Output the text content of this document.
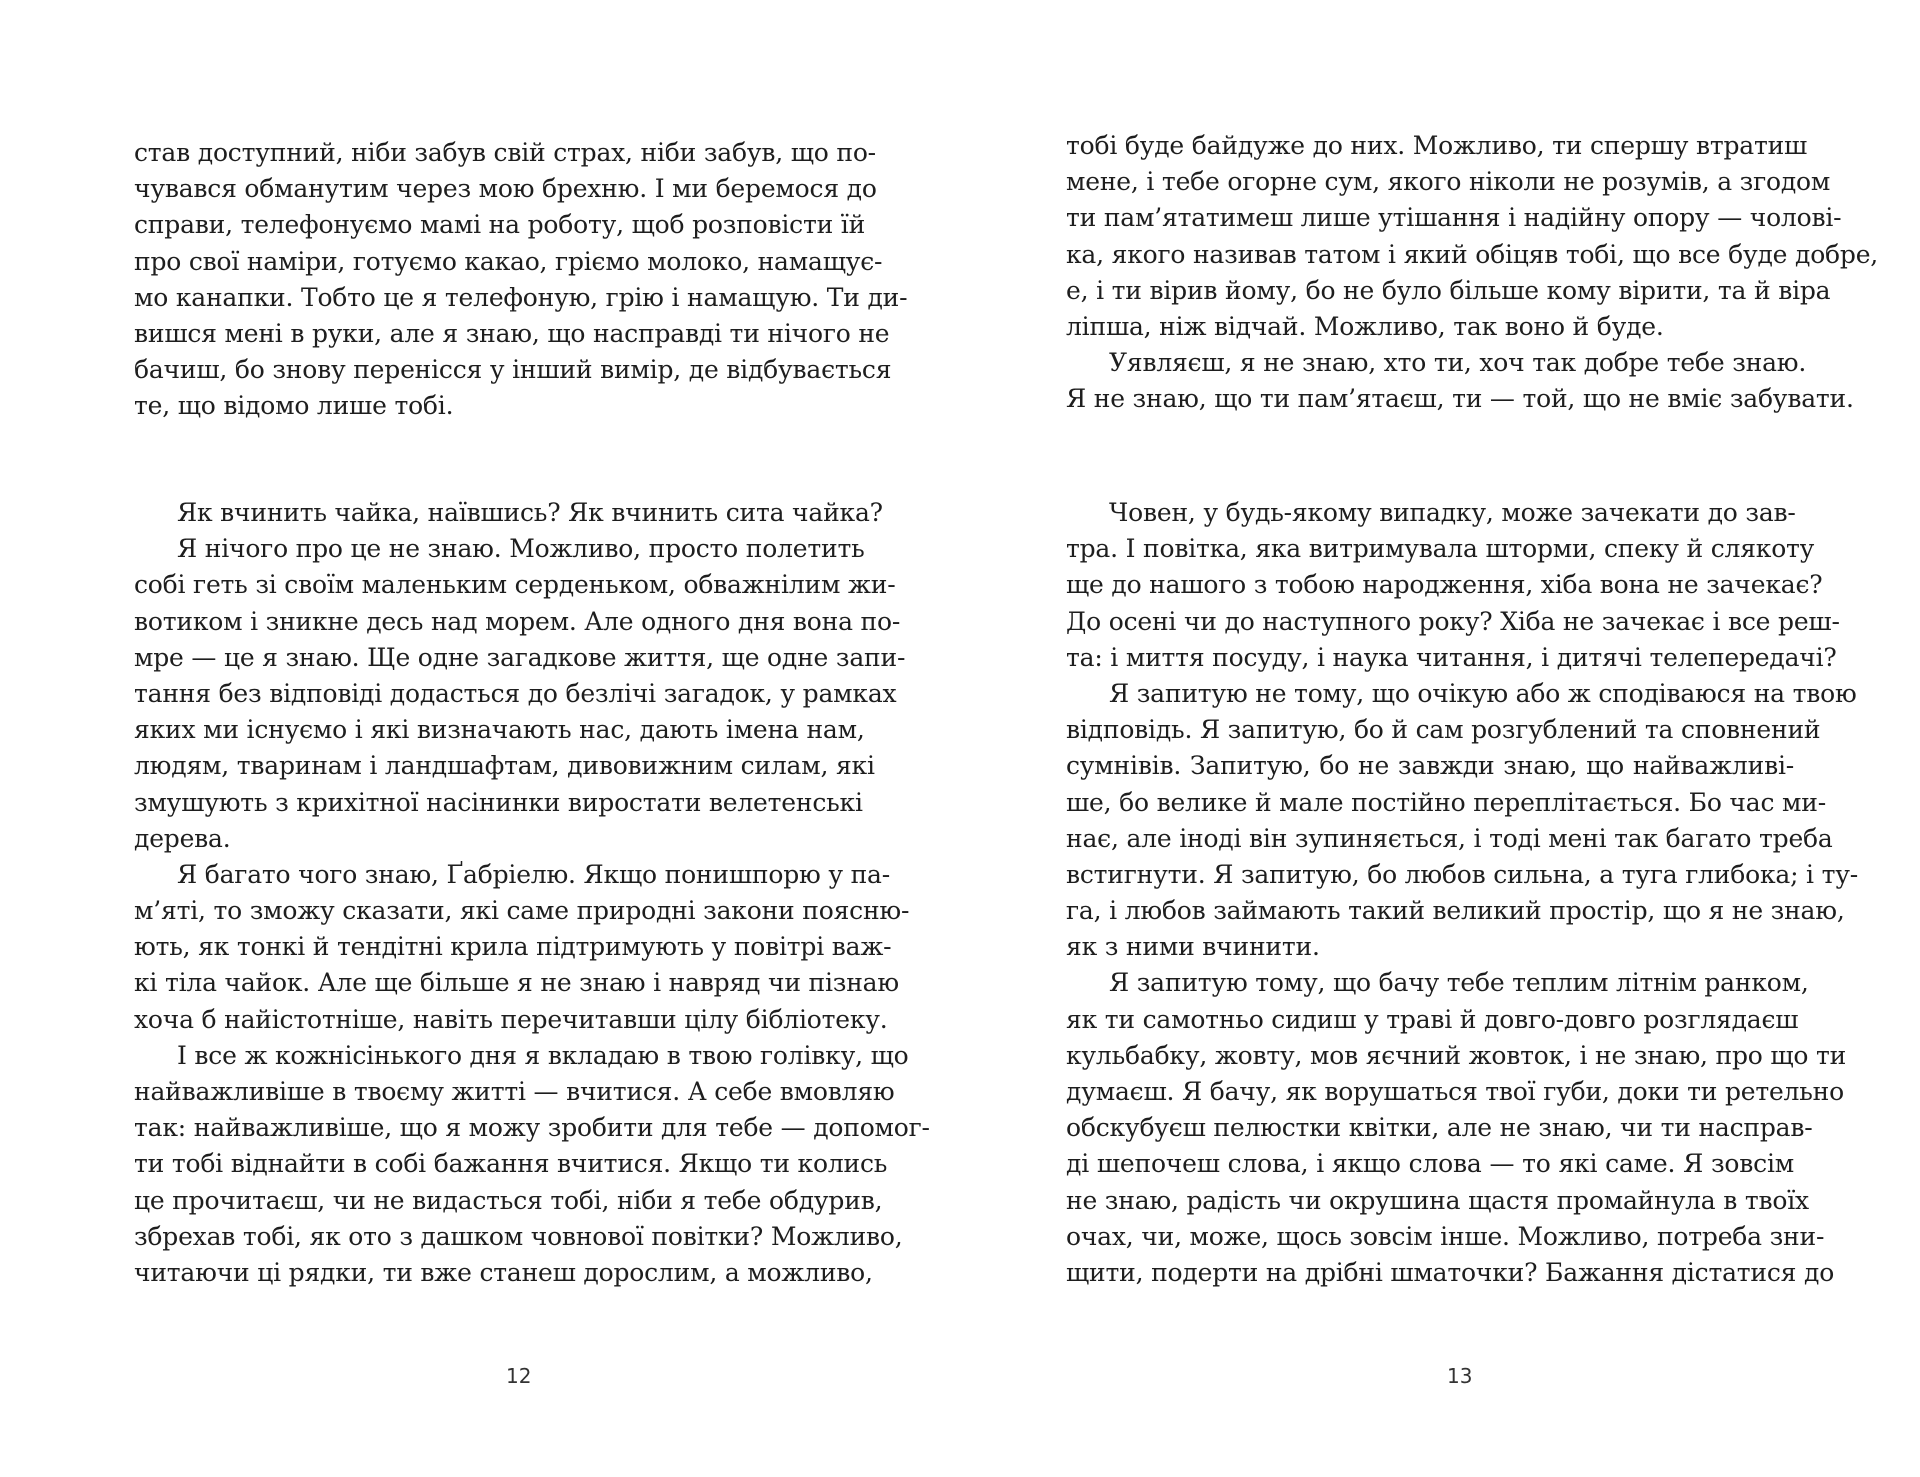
став доступний, ніби забув свій страх, ніби забув, що по-
чувався обманутим через мою брехню. І ми беремося до
справи, телефонуємо мамі на роботу, щоб розповісти їй
про свої наміри, готуємо какао, гріємо молоко, намащує-
мо канапки. Тобто це я телефоную, грію і намащую. Ти ди-
вишся мені в руки, але я знаю, що насправді ти нічого не
бачиш, бо знову перенісся у інший вимір, де відбувається
те, що відомо лише тобі.
Як вчинить чайка, наївшись? Як вчинить сита чайка?
Я нічого про це не знаю. Можливо, просто полетить
собі геть зі своїм маленьким серденьком, обважнілим жи-
вотиком і зникне десь над морем. Але одного дня вона по-
мре — це я знаю. Ще одне загадкове життя, ще одне запи-
тання без відповіді додасться до безлічі загадок, у рамках
яких ми існуємо і які визначають нас, дають імена нам,
людям, тваринам і ландшафтам, дивовижним силам, які
змушують з крихітної насінинки виростати велетенські
дерева.
Я багато чого знаю, Ґабріелю. Якщо понишпорю у па-
м’яті, то зможу сказати, які саме природні закони поясню-
ють, як тонкі й тендітні крила підтримують у повітрі важ-
кі тіла чайок. Але ще більше я не знаю і навряд чи пізнаю
хоча б найістотніше, навіть перечитавши цілу бібліотеку.
І все ж кожнісінького дня я вкладаю в твою голівку, що
найважливіше в твоєму житті — вчитися. А себе вмовляю
так: найважливіше, що я можу зробити для тебе — допомог-
ти тобі віднайти в собі бажання вчитися. Якщо ти колись
це прочитаєш, чи не видасться тобі, ніби я тебе обдурив,
збрехав тобі, як ото з дашком човнової повітки? Можливо,
читаючи ці рядки, ти вже станеш дорослим, а можливо,
12
тобі буде байдуже до них. Можливо, ти спершу втратиш
мене, і тебе огорне сум, якого ніколи не розумів, а згодом
ти пам’ятатимеш лише утішання і надійну опору — чолові-
ка, якого називав татом і який обіцяв тобі, що все буде добре,
е, і ти вірив йому, бо не було більше кому вірити, та й віра
ліпша, ніж відчай. Можливо, так воно й буде.
Уявляєш, я не знаю, хто ти, хоч так добре тебе знаю.
Я не знаю, що ти пам’ятаєш, ти — той, що не вміє забувати.
Човен, у будь-якому випадку, може зачекати до зав-
тра. І повітка, яка витримувала шторми, спеку й слякоту
ще до нашого з тобою народження, хіба вона не зачекає?
До осені чи до наступного року? Хіба не зачекає і все реш-
та: і миття посуду, і наука читання, і дитячі телепередачі?
Я запитую не тому, що очікую або ж сподіваюся на твою
відповідь. Я запитую, бо й сам розгублений та сповнений
сумнівів. Запитую, бо не завжди знаю, що найважливі-
ше, бо велике й мале постійно переплітається. Бо час ми-
нає, але іноді він зупиняється, і тоді мені так багато треба
встигнути. Я запитую, бо любов сильна, а туга глибока; і ту-
га, і любов займають такий великий простір, що я не знаю,
як з ними вчинити.
Я запитую тому, що бачу тебе теплим літнім ранком,
як ти самотньо сидиш у траві й довго-довго розглядаєш
кульбабку, жовту, мов яєчний жовток, і не знаю, про що ти
думаєш. Я бачу, як ворушаться твої губи, доки ти ретельно
обскубуєш пелюстки квітки, але не знаю, чи ти насправ-
ді шепочеш слова, і якщо слова — то які саме. Я зовсім
не знаю, радість чи окрушина щастя промайнула в твоїх
очах, чи, може, щось зовсім інше. Можливо, потреба зни-
щити, подерти на дрібні шматочки? Бажання дістатися до
13
